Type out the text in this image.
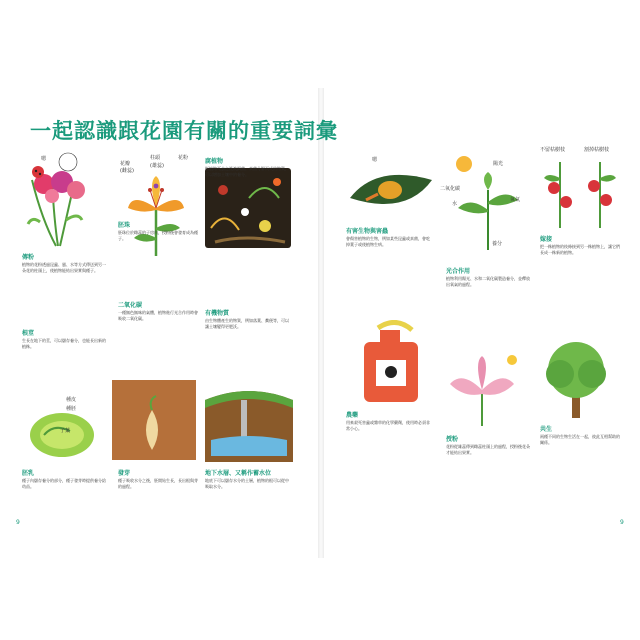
一起認識跟花園有關的重要詞彙
嗯
花瓣
柱頭	花粉
(雌蕊)
(雄蕊)
種皮
種胚
子葉
嗯
陽光
二氧化碳
水
氧氣
養分
不留枯樹枝	割掉枯樹枝
傳粉
植物的花粉透過昆蟲、風、水等方式傳送到另一朵花的柱頭上，使植物能結出果實與種子。
胚珠
胚珠位於雌蕊的子房內，授粉後會發育成為種子。
腐植物
指植物死去之後被細菌、真菌分解而成的物質，可以增加土壤中的養分。
根莖
生長在地下的莖，可以儲存養分，也能長出新的植株。
二氧化碳
一種無色無味的氣體，植物進行光合作用時會吸收二氧化碳。
有機物質
由生物體產生的物質，例如落葉、糞便等，可以讓土壤變得更肥沃。
胚乳
種子內儲存養分的部分，種子發芽時提供養分給幼苗。
發芽
種子吸收水分之後，胚開始生長，長出根與芽的過程。
地下水層、又稱作蓄水位
地底下可以儲存水分的土層，植物的根可以從中吸取水分。
有害生物與害蟲
會傷害植物的生物，例如某些昆蟲或真菌，會吃掉葉子或使植物生病。
光合作用
植物利用陽光、水和二氧化碳製造養分，並釋放出氧氣的過程。
嫁接
把一株植物的枝條接到另一株植物上，讓它們長成一株新的植物。
農藥
用來殺死害蟲或雜草的化學藥劑，使用時必須非常小心。
授粉
花粉從雄蕊傳到雌蕊柱頭上的過程，授粉後花朵才能結出果實。
共生
兩種不同的生物生活在一起，彼此互相幫助的關係。
9	9
